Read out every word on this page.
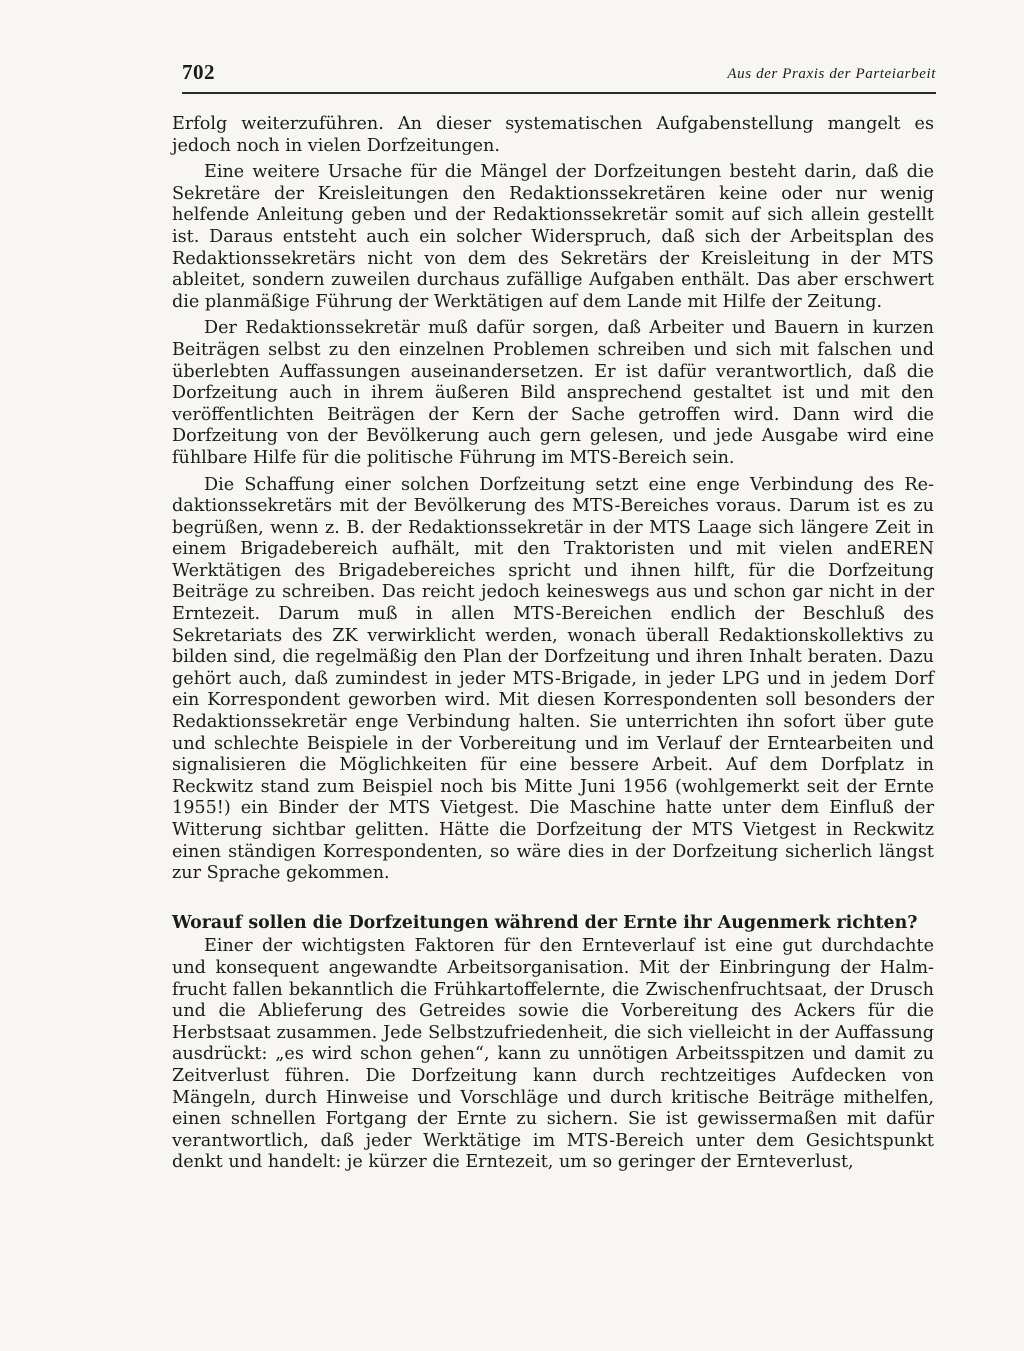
702	Aus der Praxis der Parteiarbeit

Erfolg weiterzuführen. An dieser systematischen Aufgabenstellung mangelt es jedoch noch in vielen Dorfzeitungen.

Eine weitere Ursache für die Mängel der Dorfzeitungen besteht darin, daß die Sekretäre der Kreisleitungen den Redaktionssekretären keine oder nur wenig helfende Anleitung geben und der Redaktionssekretär somit auf sich allein gestellt ist. Daraus entsteht auch ein solcher Widerspruch, daß sich der Arbeitsplan des Redaktionssekretärs nicht von dem des Sekretärs der Kreisleitung in der MTS ableitet, sondern zuweilen durchaus zufällige Aufgaben enthält. Das aber erschwert die planmäßige Führung der Werktätigen auf dem Lande mit Hilfe der Zeitung.

Der Redaktionssekretär muß dafür sorgen, daß Arbeiter und Bauern in kurzen Beiträgen selbst zu den einzelnen Problemen schreiben und sich mit falschen und überlebten Auffassungen auseinandersetzen. Er ist dafür verantwortlich, daß die Dorfzeitung auch in ihrem äußeren Bild ansprechend gestaltet ist und mit den veröffentlichten Beiträgen der Kern der Sache getroffen wird. Dann wird die Dorfzeitung von der Bevölkerung auch gern gelesen, und jede Ausgabe wird eine fühlbare Hilfe für die politische Führung im MTS-Bereich sein.

Die Schaffung einer solchen Dorfzeitung setzt eine enge Verbindung des Redaktionssekretärs mit der Bevölkerung des MTS-Bereiches voraus. Darum ist es zu begrüßen, wenn z. B. der Redaktionssekretär in der MTS Laage sich längere Zeit in einem Brigadebereich aufhält, mit den Traktoristen und mit vielen andEREN Werktätigen des Brigadebereiches spricht und ihnen hilft, für die Dorfzeitung Beiträge zu schreiben. Das reicht jedoch keineswegs aus und schon gar nicht in der Erntezeit. Darum muß in allen MTS-Bereichen endlich der Beschluß des Sekretariats des ZK verwirklicht werden, wonach überall Redaktionskollektivs zu bilden sind, die regelmäßig den Plan der Dorfzeitung und ihren Inhalt beraten. Dazu gehört auch, daß zumindest in jeder MTS-Brigade, in jeder LPG und in jedem Dorf ein Korrespondent geworben wird. Mit diesen Korrespondenten soll besonders der Redaktionssekretär enge Verbindung halten. Sie unterrichten ihn sofort über gute und schlechte Beispiele in der Vorbereitung und im Verlauf der Erntearbeiten und signalisieren die Möglichkeiten für eine bessere Arbeit. Auf dem Dorfplatz in Reckwitz stand zum Beispiel noch bis Mitte Juni 1956 (wohlgemerkt seit der Ernte 1955!) ein Binder der MTS Vietgest. Die Maschine hatte unter dem Einfluß der Witterung sichtbar gelitten. Hätte die Dorfzeitung der MTS Vietgest in Reckwitz einen ständigen Korrespondenten, so wäre dies in der Dorfzeitung sicherlich längst zur Sprache gekommen.

Worauf sollen die Dorfzeitungen während der Ernte ihr Augenmerk richten?

Einer der wichtigsten Faktoren für den Ernteverlauf ist eine gut durchdachte und konsequent angewandte Arbeitsorganisation. Mit der Einbringung der Halmfrucht fallen bekanntlich die Frühkartoffelernte, die Zwischenfruchtsaat, der Drusch und die Ablieferung des Getreides sowie die Vorbereitung des Ackers für die Herbstsaat zusammen. Jede Selbstzufriedenheit, die sich vielleicht in der Auffassung ausdrückt: „es wird schon gehen“, kann zu unnötigen Arbeitsspitzen und damit zu Zeitverlust führen. Die Dorfzeitung kann durch rechtzeitiges Aufdecken von Mängeln, durch Hinweise und Vorschläge und durch kritische Beiträge mithelfen, einen schnellen Fortgang der Ernte zu sichern. Sie ist gewissermaßen mit dafür verantwortlich, daß jeder Werktätige im MTS-Bereich unter dem Gesichtspunkt denkt und handelt: je kürzer die Erntezeit, um so geringer der Ernteverlust,
